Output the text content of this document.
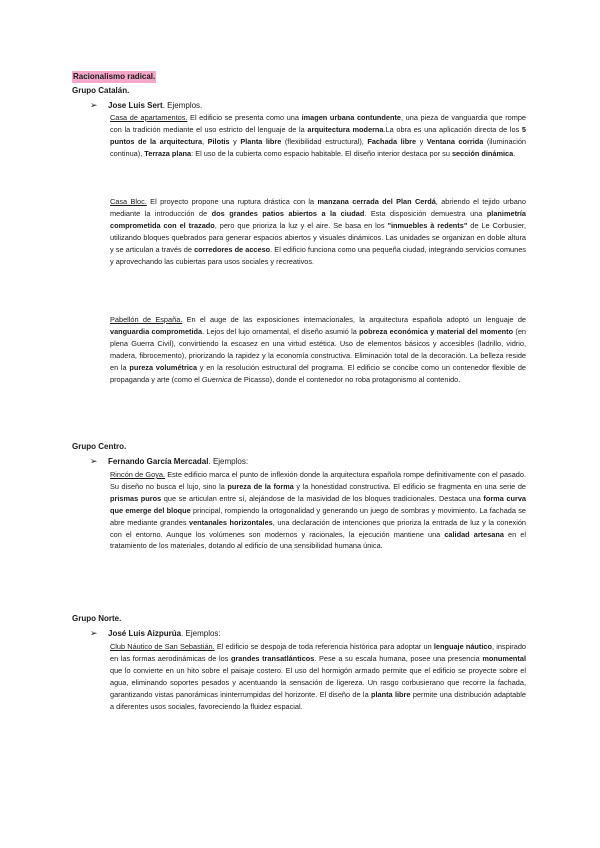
Racionalismo radical.
Grupo Catalán.
➢ Jose Luis Sert. Ejemplos.

Casa de apartamentos. El edificio se presenta como una imagen urbana contundente, una pieza de vanguardia que rompe con la tradición mediante el uso estricto del lenguaje de la arquitectura moderna.La obra es una aplicación directa de los 5 puntos de la arquitectura, Pilotis y Planta libre (flexibilidad estructural), Fachada libre y Ventana corrida (iluminación continua), Terraza plana: El uso de la cubierta como espacio habitable. El diseño interior destaca por su sección dinámica.

Casa Bloc. El proyecto propone una ruptura drástica con la manzana cerrada del Plan Cerdá, abriendo el tejido urbano mediante la introducción de dos grandes patios abiertos a la ciudad. Esta disposición demuestra una planimetría comprometida con el trazado, pero que prioriza la luz y el aire. Se basa en los "inmuebles à redents" de Le Corbusier, utilizando bloques quebrados para generar espacios abiertos y visuales dinámicos. Las unidades se organizan en doble altura y se articulan a través de corredores de acceso. El edificio funciona como una pequeña ciudad, integrando servicios comunes y aprovechando las cubiertas para usos sociales y recreativos.

Pabellón de España. En el auge de las exposiciones internacionales, la arquitectura española adoptó un lenguaje de vanguardia comprometida. Lejos del lujo ornamental, el diseño asumió la pobreza económica y material del momento (en plena Guerra Civil), convirtiendo la escasez en una virtud estética. Uso de elementos básicos y accesibles (ladrillo, vidrio, madera, fibrocemento), priorizando la rapidez y la economía constructiva. Eliminación total de la decoración. La belleza reside en la pureza volumétrica y en la resolución estructural del programa. El edificio se concibe como un contenedor flexible de propaganda y arte (como el Guernica de Picasso), donde el contenedor no roba protagonismo al contenido.

Grupo Centro.
➢ Fernando García Mercadal. Ejemplos:

Rincón de Goya. Este edificio marca el punto de inflexión donde la arquitectura española rompe definitivamente con el pasado. Su diseño no busca el lujo, sino la pureza de la forma y la honestidad constructiva. El edificio se fragmenta en una serie de prismas puros que se articulan entre sí, alejándose de la masividad de los bloques tradicionales. Destaca una forma curva que emerge del bloque principal, rompiendo la ortogonalidad y generando un juego de sombras y movimiento. La fachada se abre mediante grandes ventanales horizontales, una declaración de intenciones que prioriza la entrada de luz y la conexión con el entorno. Aunque los volúmenes son modernos y racionales, la ejecución mantiene una calidad artesana en el tratamiento de los materiales, dotando al edificio de una sensibilidad humana única.

Grupo Norte.
➢ José Luis Aizpurúa. Ejemplos:

Club Náutico de San Sebastián. El edificio se despoja de toda referencia histórica para adoptar un lenguaje náutico, inspirado en las formas aerodinámicas de los grandes transatlánticos. Pese a su escala humana, posee una presencia monumental que lo convierte en un hito sobre el paisaje costero. El uso del hormigón armado permite que el edificio se proyecte sobre el agua, eliminando soportes pesados y acentuando la sensación de ligereza. Un rasgo corbusierano que recorre la fachada, garantizando vistas panorámicas ininterrumpidas del horizonte. El diseño de la planta libre permite una distribución adaptable a diferentes usos sociales, favoreciendo la fluidez espacial.
